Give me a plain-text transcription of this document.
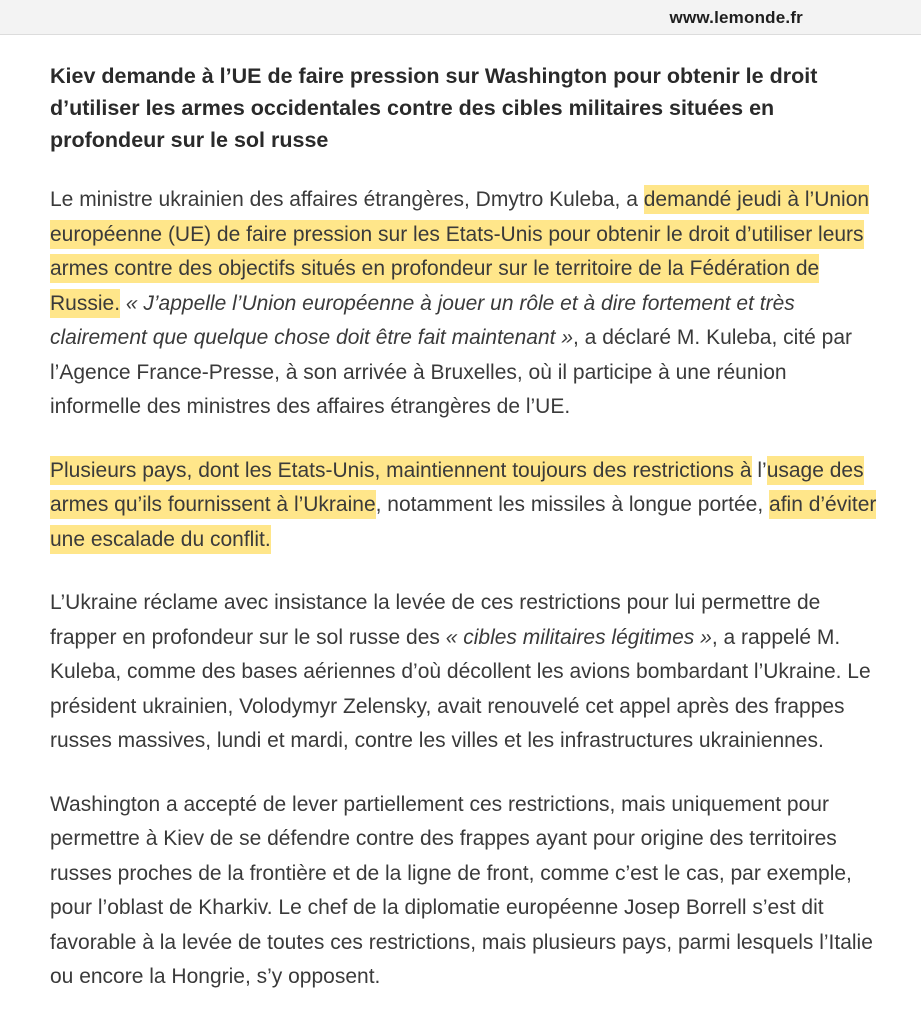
www.lemonde.fr
Kiev demande à l’UE de faire pression sur Washington pour obtenir le droit d’utiliser les armes occidentales contre des cibles militaires situées en profondeur sur le sol russe

Le ministre ukrainien des affaires étrangères, Dmytro Kuleba, a demandé jeudi à l’Union européenne (UE) de faire pression sur les Etats-Unis pour obtenir le droit d’utiliser leurs armes contre des objectifs situés en profondeur sur le territoire de la Fédération de Russie. « J’appelle l’Union européenne à jouer un rôle et à dire fortement et très clairement que quelque chose doit être fait maintenant », a déclaré M. Kuleba, cité par l’Agence France-Presse, à son arrivée à Bruxelles, où il participe à une réunion informelle des ministres des affaires étrangères de l’UE.

Plusieurs pays, dont les Etats-Unis, maintiennent toujours des restrictions à l’usage des armes qu’ils fournissent à l’Ukraine, notamment les missiles à longue portée, afin d’éviter une escalade du conflit.

L’Ukraine réclame avec insistance la levée de ces restrictions pour lui permettre de frapper en profondeur sur le sol russe des « cibles militaires légitimes », a rappelé M. Kuleba, comme des bases aériennes d’où décollent les avions bombardant l’Ukraine. Le président ukrainien, Volodymyr Zelensky, avait renouvelé cet appel après des frappes russes massives, lundi et mardi, contre les villes et les infrastructures ukrainiennes.

Washington a accepté de lever partiellement ces restrictions, mais uniquement pour permettre à Kiev de se défendre contre des frappes ayant pour origine des territoires russes proches de la frontière et de la ligne de front, comme c’est le cas, par exemple, pour l’oblast de Kharkiv. Le chef de la diplomatie européenne Josep Borrell s’est dit favorable à la levée de toutes ces restrictions, mais plusieurs pays, parmi lesquels l’Italie ou encore la Hongrie, s’y opposent.
